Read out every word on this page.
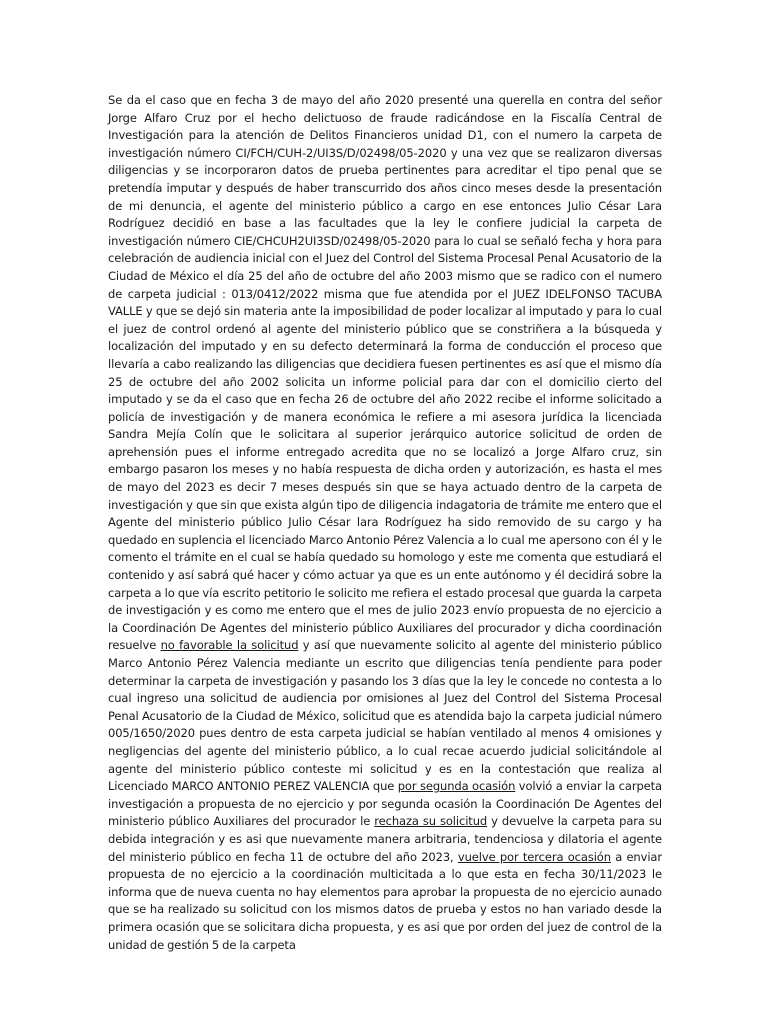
Se da el caso que en fecha 3 de mayo del año 2020 presenté una querella en contra del señor Jorge Alfaro Cruz por el hecho delictuoso de fraude radicándose en la Fiscalía Central de Investigación para la atención de Delitos Financieros unidad D1, con el numero la carpeta de investigación número CI/FCH/CUH-2/UI3S/D/02498/05-2020 y una vez que se realizaron diversas diligencias y se incorporaron datos de prueba pertinentes para acreditar el tipo penal que se pretendía imputar y después de haber transcurrido dos años cinco meses desde la presentación de mi denuncia, el agente del ministerio público a cargo en ese entonces Julio César Lara Rodríguez decidió en base a las facultades que la ley le confiere judicial la carpeta de investigación número CIE/CHCUH2UI3SD/02498/05-2020 para lo cual se señaló fecha y hora para celebración de audiencia inicial con el Juez del Control del Sistema Procesal Penal Acusatorio de la Ciudad de México el día 25 del año de octubre del año 2003 mismo que se radico con el numero de carpeta judicial : 013/0412/2022 misma que fue atendida por el JUEZ IDELFONSO TACUBA VALLE y que se dejó sin materia ante la imposibilidad de poder localizar al imputado y para lo cual el juez de control ordenó al agente del ministerio público que se constriñera a la búsqueda y localización del imputado y en su defecto determinará la forma de conducción el proceso que llevaría a cabo realizando las diligencias que decidiera fuesen pertinentes es así que el mismo día 25 de octubre del año 2002 solicita un informe policial para dar con el domicilio cierto del imputado y se da el caso que en fecha 26 de octubre del año 2022 recibe el informe solicitado a policía de investigación y de manera económica le refiere a mi asesora jurídica la licenciada Sandra Mejía Colín que le solicitara al superior jerárquico autorice solicitud de orden de aprehensión pues el informe entregado acredita que no se localizó a Jorge Alfaro cruz, sin embargo pasaron los meses y no había respuesta de dicha orden y autorización, es hasta el mes de mayo del 2023 es decir 7 meses después sin que se haya actuado dentro de la carpeta de investigación y que sin que exista algún tipo de diligencia indagatoria de trámite me entero que el Agente del ministerio público Julio César lara Rodríguez ha sido removido de su cargo y ha quedado en suplencia el licenciado Marco Antonio Pérez Valencia a lo cual me apersono con él y le comento el trámite en el cual se había quedado su homologo y este me comenta que estudiará el contenido y así sabrá qué hacer y cómo actuar ya que es un ente autónomo y él decidirá sobre la carpeta a lo que vía escrito petitorio le solicito me refiera el estado procesal que guarda la carpeta de investigación y es como me entero que el mes de julio 2023 envío propuesta de no ejercicio a la Coordinación De Agentes del ministerio público Auxiliares del procurador y dicha coordinación resuelve no favorable la solicitud y así que nuevamente solicito al agente del ministerio público Marco Antonio Pérez Valencia mediante un escrito que diligencias tenía pendiente para poder determinar la carpeta de investigación y pasando los 3 días que la ley le concede no contesta a lo cual ingreso una solicitud de audiencia por omisiones al Juez del Control del Sistema Procesal Penal Acusatorio de la Ciudad de México, solicitud que es atendida bajo la carpeta judicial número 005/1650/2020 pues dentro de esta carpeta judicial se habían ventilado al menos 4 omisiones y negligencias del agente del ministerio público, a lo cual recae acuerdo judicial solicitándole al agente del ministerio público conteste mi solicitud y es en la contestación que realiza al Licenciado MARCO ANTONIO PEREZ VALENCIA que por segunda ocasión volvió a enviar la carpeta investigación a propuesta de no ejercicio y por segunda ocasión la Coordinación De Agentes del ministerio público Auxiliares del procurador le rechaza su solicitud y devuelve la carpeta para su debida integración y es asi que nuevamente manera arbitraria, tendenciosa y dilatoria el agente del ministerio público en fecha 11 de octubre del año 2023, vuelve por tercera ocasión a enviar propuesta de no ejercicio a la coordinación multicitada a lo que esta en fecha 30/11/2023 le informa que de nueva cuenta no hay elementos para aprobar la propuesta de no ejercicio aunado que se ha realizado su solicitud con los mismos datos de prueba y estos no han variado desde la primera ocasión que se solicitara dicha propuesta, y es asi que por orden del juez de control de la unidad de gestión 5 de la carpeta
